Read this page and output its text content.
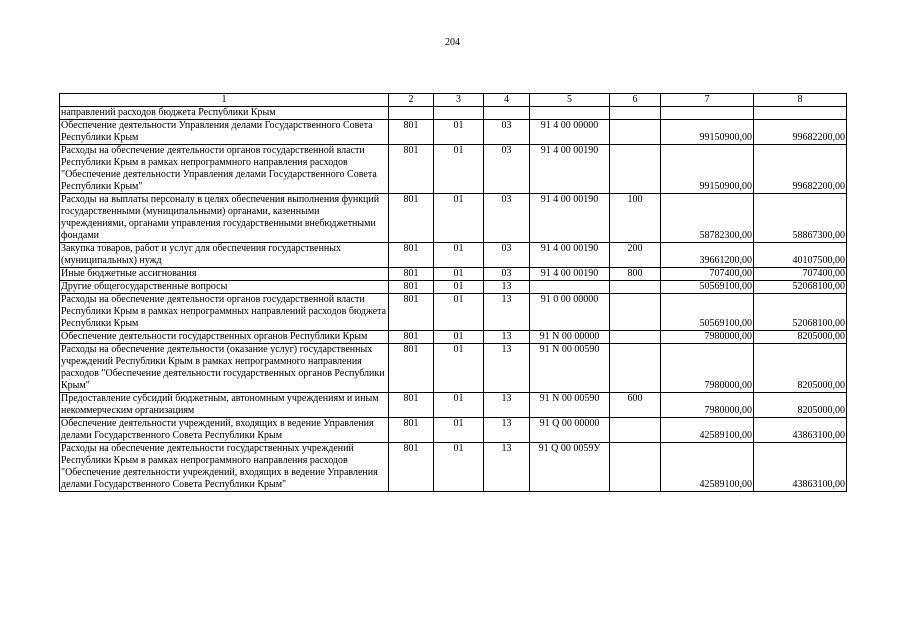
204
1	2	3	4	5	6	7	8
направлений расходов бюджета Республики Крым							
Обеспечение деятельности Управления делами Государственного Совета Республики Крым	801	01	03	91 4 00 00000		99150900,00	99682200,00
Расходы на обеспечение деятельности органов государственной власти Республики Крым в рамках непрограммного направления расходов "Обеспечение деятельности Управления делами Государственного Совета Республики Крым"	801	01	03	91 4 00 00190		99150900,00	99682200,00
Расходы на выплаты персоналу в целях обеспечения выполнения функций государственными (муниципальными) органами, казенными учреждениями, органами управления государственными внебюджетными фондами	801	01	03	91 4 00 00190	100	58782300,00	58867300,00
Закупка товаров, работ и услуг для обеспечения государственных (муниципальных) нужд	801	01	03	91 4 00 00190	200	39661200,00	40107500,00
Иные бюджетные ассигнования	801	01	03	91 4 00 00190	800	707400,00	707400,00
Другие общегосударственные вопросы	801	01	13			50569100,00	52068100,00
Расходы на обеспечение деятельности органов государственной власти Республики Крым в рамках непрограммных направлений расходов бюджета Республики Крым	801	01	13	91 0 00 00000		50569100,00	52068100,00
Обеспечение деятельности государственных органов Республики Крым	801	01	13	91 N 00 00000		7980000,00	8205000,00
Расходы на обеспечение деятельности (оказание услуг) государственных учреждений Республики Крым в рамках непрограммного направления расходов "Обеспечение деятельности государственных органов Республики Крым"	801	01	13	91 N 00 00590		7980000,00	8205000,00
Предоставление субсидий бюджетным, автономным учреждениям и иным некоммерческим организациям	801	01	13	91 N 00 00590	600	7980000,00	8205000,00
Обеспечение деятельности учреждений, входящих в ведение Управления делами Государственного Совета Республики Крым	801	01	13	91 Q 00 00000		42589100,00	43863100,00
Расходы на обеспечение деятельности государственных учреждений Республики Крым в рамках непрограммного направления расходов "Обеспечение деятельности учреждений, входящих в ведение Управления делами Государственного Совета Республики Крым"	801	01	13	91 Q 00 0059У		42589100,00	43863100,00
